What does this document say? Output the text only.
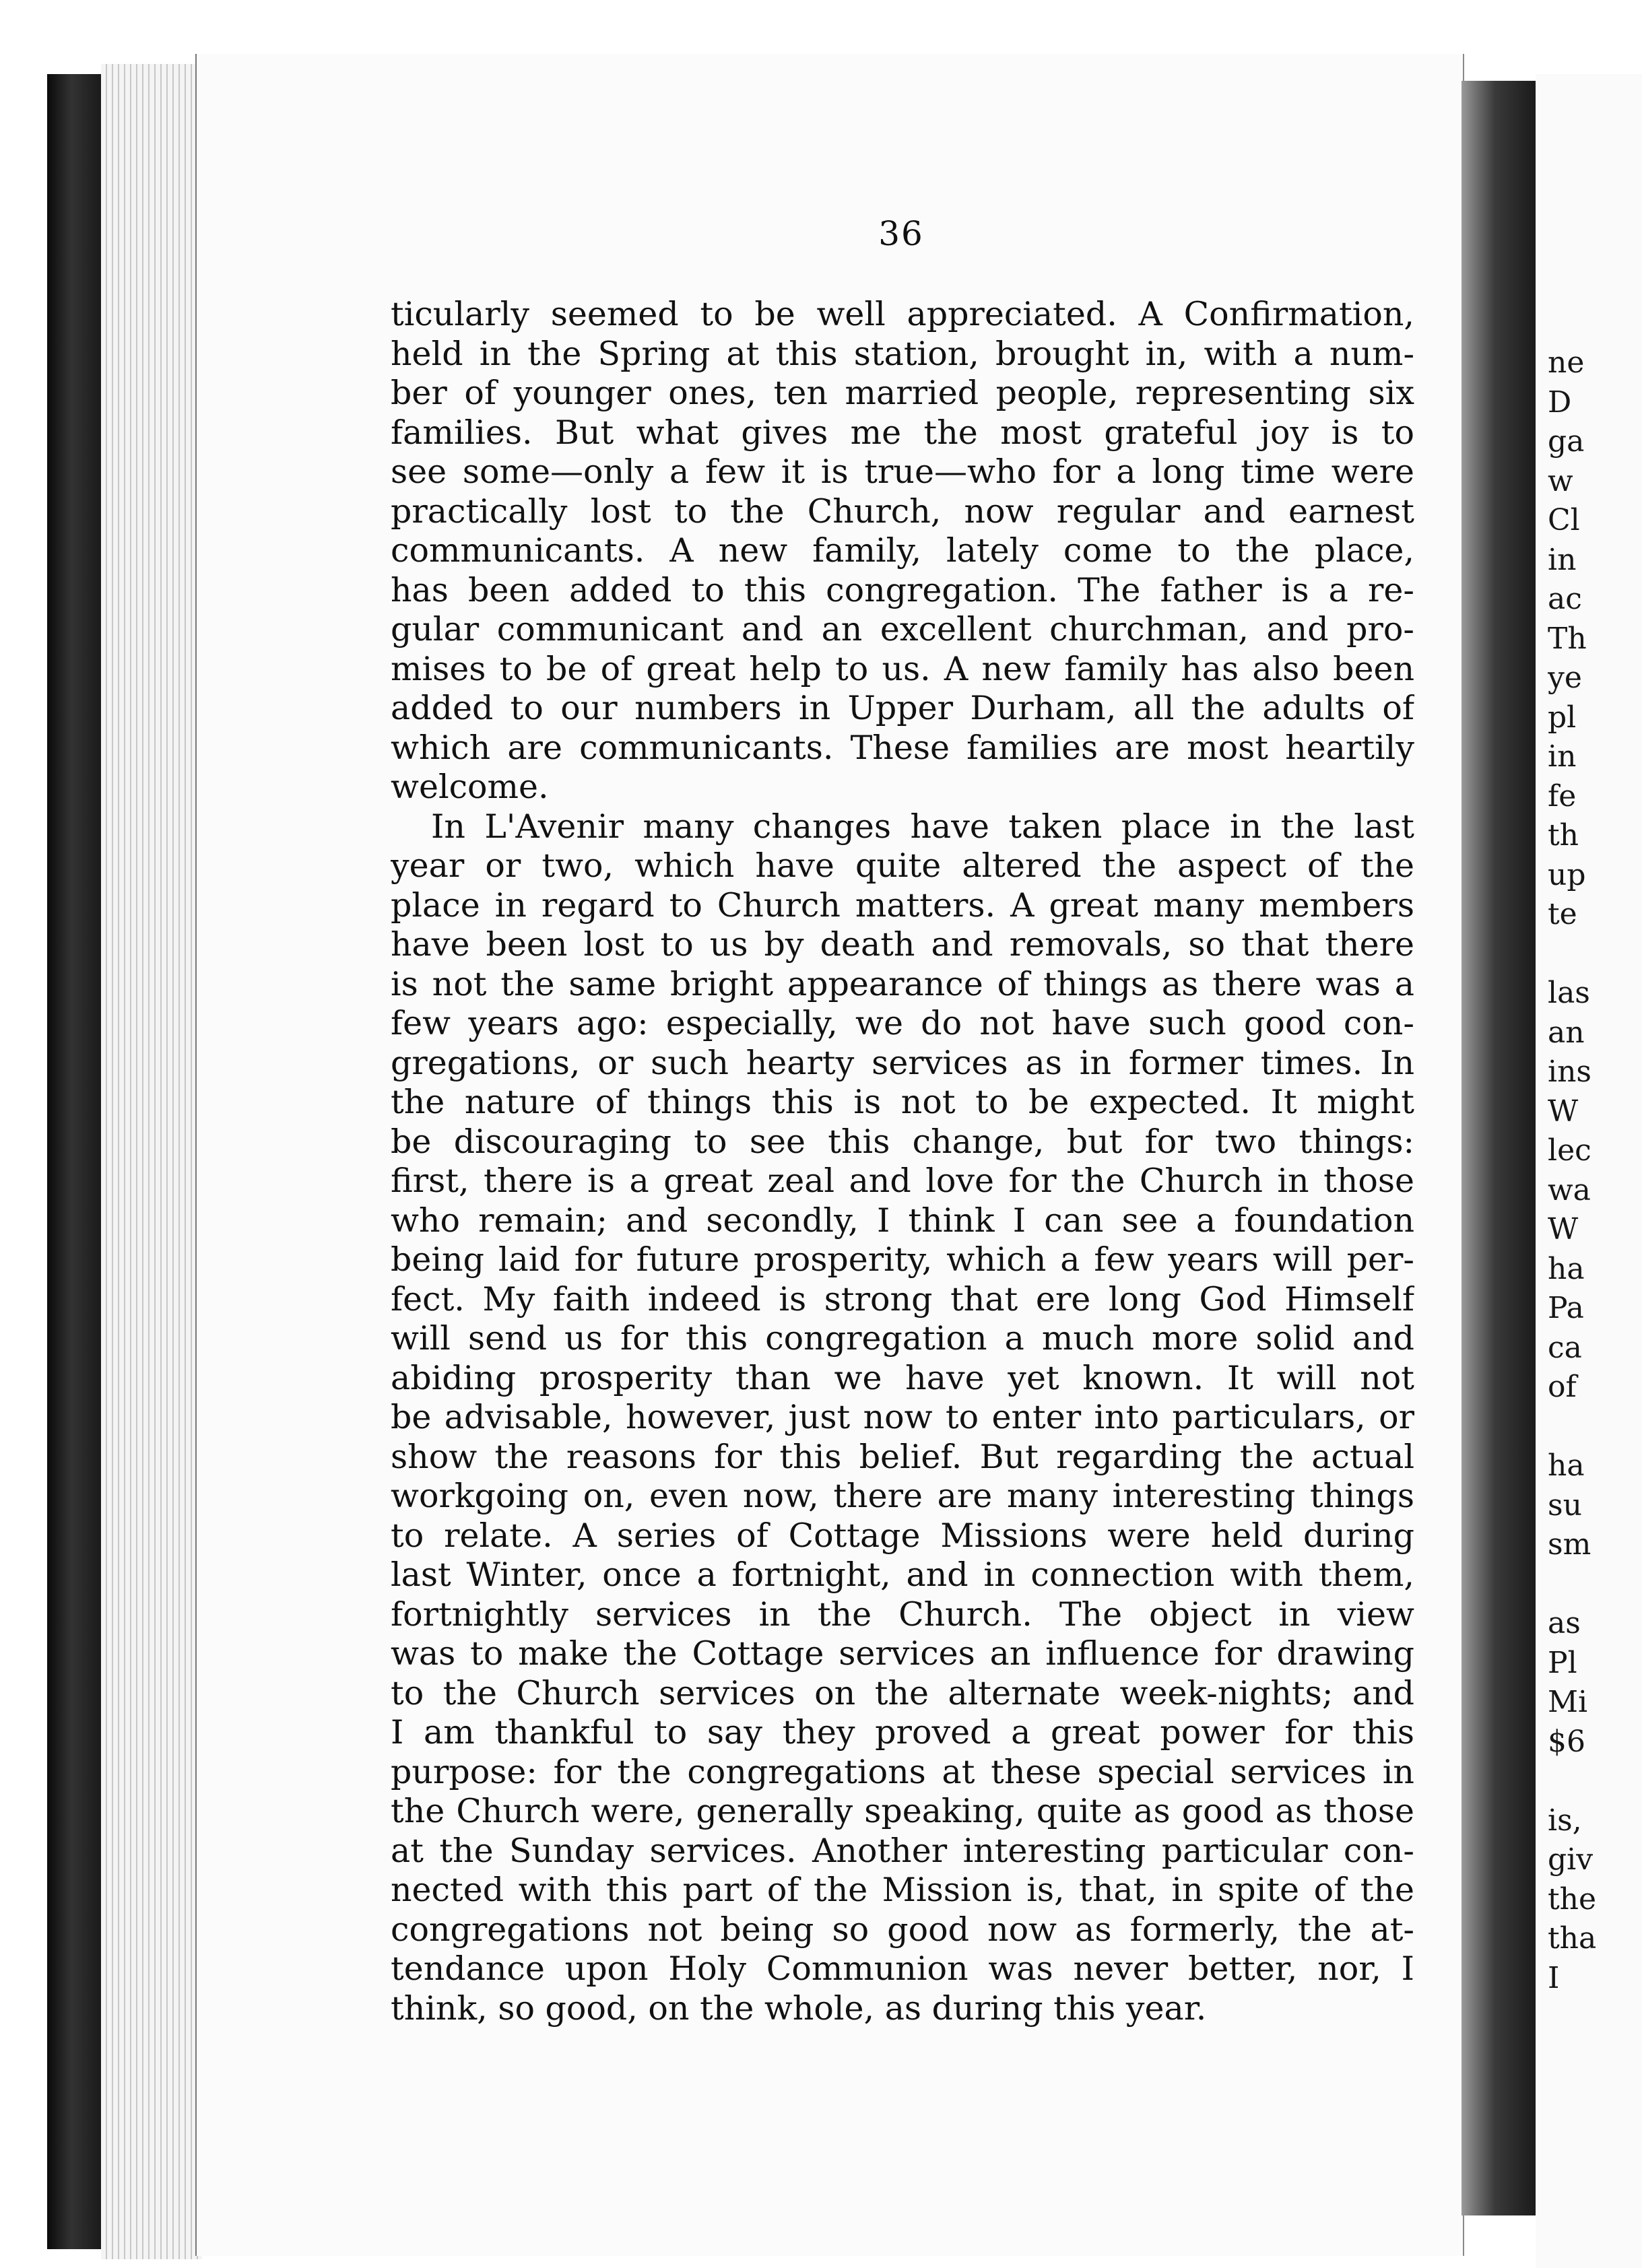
36
ticularly seemed to be well appreciated. A Confirmation,
held in the Spring at this station, brought in, with a num-
ber of younger ones, ten married people, representing six
families. But what gives me the most grateful joy is to
see some—only a few it is true—who for a long time were
practically lost to the Church, now regular and earnest
communicants. A new family, lately come to the place,
has been added to this congregation. The father is a re-
gular communicant and an excellent churchman, and pro-
mises to be of great help to us. A new family has also been
added to our numbers in Upper Durham, all the adults of
which are communicants. These families are most heartily
welcome.
In L'Avenir many changes have taken place in the last
year or two, which have quite altered the aspect of the
place in regard to Church matters. A great many members
have been lost to us by death and removals, so that there
is not the same bright appearance of things as there was a
few years ago: especially, we do not have such good con-
gregations, or such hearty services as in former times. In
the nature of things this is not to be expected. It might
be discouraging to see this change, but for two things:
first, there is a great zeal and love for the Church in those
who remain; and secondly, I think I can see a foundation
being laid for future prosperity, which a few years will per-
fect. My faith indeed is strong that ere long God Himself
will send us for this congregation a much more solid and
abiding prosperity than we have yet known. It will not
be advisable, however, just now to enter into particulars, or
show the reasons for this belief. But regarding the actual
workgoing on, even now, there are many interesting things
to relate. A series of Cottage Missions were held during
last Winter, once a fortnight, and in connection with them,
fortnightly services in the Church. The object in view
was to make the Cottage services an influence for drawing
to the Church services on the alternate week-nights; and
I am thankful to say they proved a great power for this
purpose: for the congregations at these special services in
the Church were, generally speaking, quite as good as those
at the Sunday services. Another interesting particular con-
nected with this part of the Mission is, that, in spite of the
congregations not being so good now as formerly, the at-
tendance upon Holy Communion was never better, nor, I
think, so good, on the whole, as during this year.
ne
D
ga
w
Cl
in
ac
Th
ye
pl
in
fe
th
up
te
las
an
ins
W
lec
wa
W
ha
Pa
ca
of
ha
su
sm
as
Pl
Mi
$6
is,
giv
the
tha
I
